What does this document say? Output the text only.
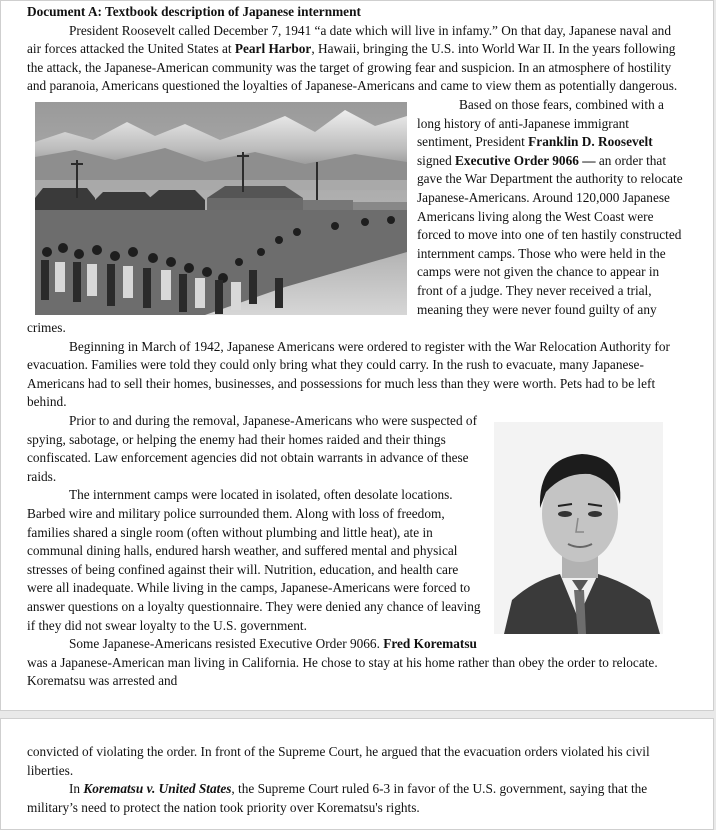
Document A: Textbook description of Japanese internment

President Roosevelt called December 7, 1941 “a date which will live in infamy.” On that day, Japanese naval and air forces attacked the United States at Pearl Harbor, Hawaii, bringing the U.S. into World War II. In the years following the attack, the Japanese-American community was the target of growing fear and suspicion. In an atmosphere of hostility and paranoia, Americans questioned the loyalties of Japanese-Americans and came to view them as potentially dangerous.

Based on those fears, combined with a long history of anti-Japanese immigrant sentiment, President Franklin D. Roosevelt signed Executive Order 9066 — an order that gave the War Department the authority to relocate Japanese-Americans. Around 120,000 Japanese Americans living along the West Coast were forced to move into one of ten hastily constructed internment camps. Those who were held in the camps were not given the chance to appear in front of a judge. They never received a trial, meaning they were never found guilty of any crimes.

Beginning in March of 1942, Japanese Americans were ordered to register with the War Relocation Authority for evacuation. Families were told they could only bring what they could carry. In the rush to evacuate, many Japanese-Americans had to sell their homes, businesses, and possessions for much less than they were worth. Pets had to be left behind.

Prior to and during the removal, Japanese-Americans who were suspected of spying, sabotage, or helping the enemy had their homes raided and their things confiscated. Law enforcement agencies did not obtain warrants in advance of these raids.

The internment camps were located in isolated, often desolate locations. Barbed wire and military police surrounded them. Along with loss of freedom, families shared a single room (often without plumbing and little heat), ate in communal dining halls, endured harsh weather, and suffered mental and physical stresses of being confined against their will. Nutrition, education, and health care were all inadequate. While living in the camps, Japanese-Americans were forced to answer questions on a loyalty questionnaire. They were denied any chance of leaving if they did not swear loyalty to the U.S. government.

Some Japanese-Americans resisted Executive Order 9066. Fred Korematsu was a Japanese-American man living in California. He chose to stay at his home rather than obey the order to relocate. Korematsu was arrested and

convicted of violating the order. In front of the Supreme Court, he argued that the evacuation orders violated his civil liberties.

In Korematsu v. United States, the Supreme Court ruled 6-3 in favor of the U.S. government, saying that the military’s need to protect the nation took priority over Korematsu's rights.
